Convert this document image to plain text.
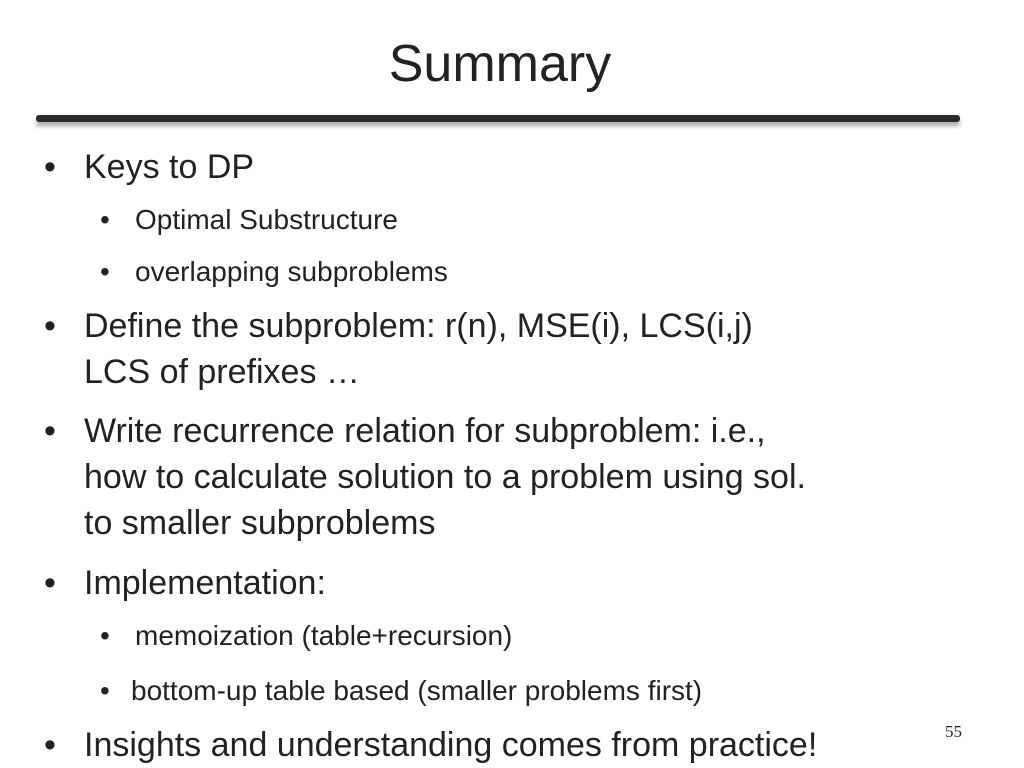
Summary
• Keys to DP
• Optimal Substructure
• overlapping subproblems
• Define the subproblem: r(n), MSE(i), LCS(i,j)
LCS of prefixes …
• Write recurrence relation for subproblem: i.e.,
how to calculate solution to a problem using sol.
to smaller subproblems
• Implementation:
• memoization (table+recursion)
• bottom-up table based (smaller problems first)
• Insights and understanding comes from practice!	55
